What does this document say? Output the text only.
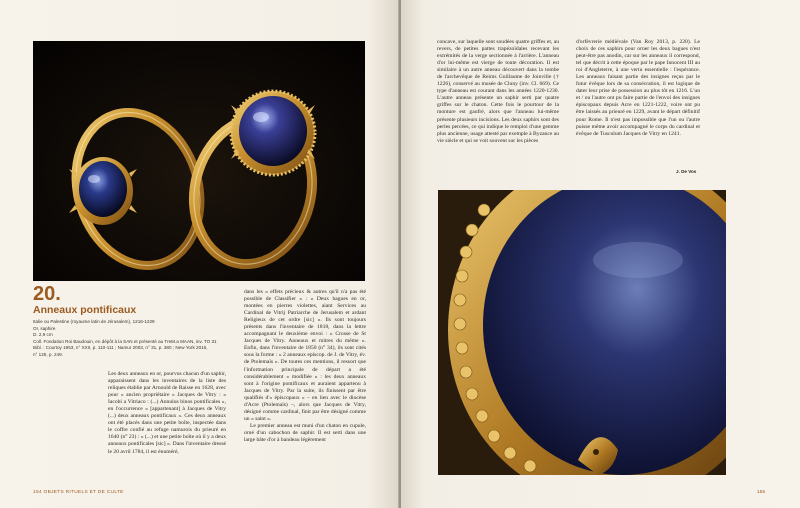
20.
Anneaux pontificaux
Italie ou Palestine (royaume latin de Jérusalem), 1216-1229
Or, saphire
D. 2,9 cm
Coll. Fondation Roi Baudouin, en dépôt à la SAN et présenté au TreM.a MAAN, inv. TO 31
Bibl. : Courtoy 1953, n° XXII, p. 110-111 ; Namur 2003, n° 31, p. 380 ; New York 2016,
n° 125, p. 249.

Les deux anneaux en or, pourvus chacun d'un saphir, apparaissent dans les inventaires de la liste des reliques établie par Arnould de Raisse en 1628, avec pour « ancien propriétaire » Jacques de Vitry : « Iacobi a Vitriaco : (...) Annulus binos pontificales », en l'occurrence « [appartenant] à Jacques de Vitry (...) deux anneaux pontificaux ». Ces deux anneaux ont été placés dans une petite boîte, inspectée dans le coffre confié au refuge namurois du prieuré en 1640 (n° 23) : « (...) et une petite boîte où il y a deux anneaux pontificales [sic] ». Dans l'inventaire dressé le 20 avril 1784, il est énuméré,

dans les « effets précieux & autres qu'il n'a pas été possible de Classifier » : « Deux bagues en or, montées en pierres violettes, aiant Services au Cardinal de Vitrij Patriarche de Jerusalem et ardant Religieux de cet ordre [sic] ». Ils sont toujours présents dans l'inventaire de 1818, dans la lettre accompagnant le deuxième envoi : « Crosse de St Jacques de Vitry. Anneaux et mitres du même ». Enfin, dans l'inventaire de 1850 (n° 34), ils sont cités sous la forme : « 2 anneaux episcop. de J. de Vitry, év. de Ptolemaïs ». De toutes ces mentions, il ressort que l'information principale de départ a été considérablement « modifiée » : les deux anneaux sont à l'origine pontificaux et auraient appartenu à Jacques de Vitry. Par la suite, ils finissent par être qualifiés d'« épiscopaux » – en lien avec le diocèse d'Acre (Ptolemaïs) –, alors que Jacques de Vitry, désigné comme cardinal, finit par être désigné comme un « saint ».

Le premier anneau est muni d'un chaton en cupule, orné d'un cabochon de saphir. Il est serti dans une large bâte d'or à bandeau légèrement

154 OBJETS RITUELS ET DE CULTE

concave, sur laquelle sont soudées quatre griffes et, au revers, de petites pattes trapézoïdales recevant les extrémités de la verge sectionnée à l'arrière. L'anneau d'or lui-même est vierge de toute décoration. Il est similaire à un autre anneau découvert dans la tombe de l'archevêque de Reims Guillaume de Joinville († 1226), conservé au musée de Cluny (inv. Cl. 669). Ce type d'anneau est courant dans les années 1220-1230. L'autre anneau présente un saphir serti par quatre griffes sur le chaton. Cette fois le pourtour de la monture est gaufré, alors que l'anneau lui-même présente plusieurs incisions. Les deux saphirs sont des perles percées, ce qui indique le remploi d'une gemme plus ancienne, usage attesté par exemple à Byzance au vie siècle et qui se voit souvent sur les pièces

d'orfèvrerie médiévale (Van Roy 2013, p. 220). Le choix de ces saphirs pour orner les deux bagues n'est peut-être pas anodin, car sur les anneaux il correspond, tel que décrit à cette époque par le pape Innocent III au roi d'Angleterre, à une vertu essentielle : l'espérance. Les anneaux faisant partie des insignes reçus par le futur évêque lors de sa consécration, il est logique de dater leur prise de possession au plus tôt en 1216. L'un et / ou l'autre ont pu faire partie de l'envoi des insignes épiscopaux depuis Acre en 1221-1222, voire ont pu être laissés au prieuré en 1229, avant le départ définitif pour Rome. Il n'est pas impossible que l'un ou l'autre puisse même avoir accompagné le corps du cardinal et évêque de Tusculum Jacques de Vitry en 1241.

J. De Vos
155
